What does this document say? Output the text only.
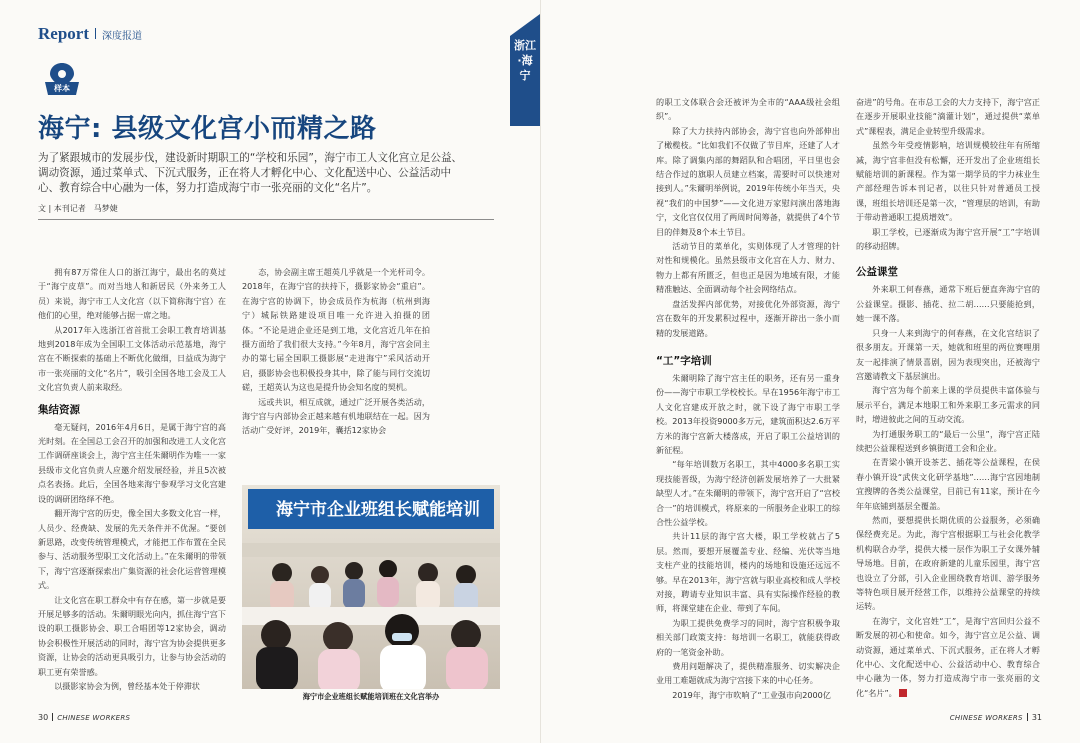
Report 深度报道
样本
海宁: 县级文化宫小而精之路

为了紧跟城市的发展步伐，建设新时期职工的“学校和乐园”，海宁市工人文化宫立足公益、调动资源，通过菜单式、下沉式服务，正在将人才孵化中心、文化配送中心、公益活动中心、教育综合中心融为一体，努力打造成海宁市一张亮丽的文化“名片”。

文 | 本刊记者　马梦婕

拥有87万常住人口的浙江海宁，最出名的莫过于“海宁皮草”。而对当地人和新居民（外来务工人员）来说，海宁市工人文化宫（以下简称海宁宫）在他们的心里，绝对能够占据一席之地。

从2017年入选浙江省首批工会职工教育培训基地到2018年成为全国职工文体活动示范基地，海宁宫在不断探索的基础上不断优化做细，日益成为海宁市一张亮丽的文化“名片”，吸引全国各地工会及工人文化宫负责人前来取经。

集结资源

毫无疑问，2016年4月6日，是属于海宁宫的高光时刻。在全国总工会召开的加强和改进工人文化宫工作调研座谈会上，海宁宫主任朱爾明作为唯一一家县级市文化宫负责人应邀介绍发展经验，并且5次被点名表扬。此后，全国各地来海宁参观学习文化宫建设的调研团络绎不绝。

翻开海宁宫的历史，像全国大多数文化宫一样，人员少、经费缺、发展的先天条件并不优渥。“要创新思路，改变传统管理模式，才能把工作布置在全民参与、活动服务型职工文化活动上。”在朱爾明的带领下，海宁宫逐渐探索出广集资源的社会化运营管理模式。

让文化宫在职工群众中有存在感，第一步就是要开展足够多的活动。朱爾明眼光向内，抓住海宁宫下设的职工摄影协会、职工合唱团等12家协会，调动协会积极性开展活动的同时，海宁宫为协会提供更多资源，让协会的活动更具吸引力，让参与协会活动的职工更有荣誉感。

以摄影家协会为例，曾经基本处于停滞状

态，协会副主席王超英几乎就是一个光杆司令。2018年，在海宁宫的扶持下，摄影家协会“重启”。在海宁宫的协调下，协会成员作为杭海（杭州到海宁）城际铁路建设项目唯一允许进入拍摄的团体。“不论是进企业还是到工地，文化宫近几年在拍摄方面给了我们很大支持。”今年8月，海宁宫会同主办的第七届全国职工摄影展“走进海宁”采风活动开启，摄影协会也积极投身其中，除了能与同行交流切磋，王超英认为这也是提升协会知名度的契机。

远或共识，相互成就，通过广泛开展各类活动，海宁宫与内部协会正越来越有机地联结在一起。因为活动广受好评，2019年，囊括12家协会

30 CHINESE WORKERS
海宁市企业班组长赋能培训
海宁市企业班组长赋能培训班在文化宫举办
浙江·海宁
CHINESE WORKERS 31

的职工文体联合会还被评为全市的“AAA级社会组织”。

除了大力扶持内部协会，海宁宫也向外部伸出了橄榄枝。“比如我们不仅做了节目库，还建了人才库。除了调集内部的舞蹈队和合唱团，平日里也会结合作过的旗职人员建立档案，需要时可以快速对接到人。”朱爾明举例说，2019年传统小年当天，央视“我们的中国梦”——文化进万家慰问演出落地海宁，文化宫仅仅用了两周时间筹备，就提供了4个节目的伴舞及8个本土节目。

活动节目的菜单化，实则体现了人才管理的针对性和规模化。虽然县级市文化宫在人力、财力、物力上都有所匮乏，但也正是因为地域有限，才能精准触达、全面调动每个社会网络结点。

盘活发挥内部优势，对接优化外部资源，海宁宫在数年的开发累积过程中，逐渐开辟出一条小而精的发展道路。

“工”字培训

朱爾明除了海宁宫主任的职务，还有另一重身份——海宁市职工学校校长。早在1956年海宁市工人文化宫建成开放之时，就下设了海宁市职工学校。2013年投资9000多万元，建筑面积达2.6万平方米的海宁宫新大楼落成，开启了职工公益培训的新征程。

“每年培训数万名职工，其中4000多名职工实现技能晋级，为海宁经济创新发展培养了一大批紧缺型人才。”在朱爾明的带领下，海宁宫开启了“宫校合一”的培训模式，将原来的一所服务企业职工的综合性公益学校。

共计11层的海宁宫大楼，职工学校就占了5层。然而，要想开展覆盖专业、经编、光伏等当地支柱产业的技能培训，楼内的场地和设施还远远不够。早在2013年，海宁宫就与职业高校和成人学校对接，聘请专业知识丰富、具有实际操作经验的教师，将课堂建在企业、带到了车间。

为职工提供免费学习的同时，海宁宫积极争取相关部门政策支持：每培训一名职工，就能获得政府的一笔资金补助。

费用问题解决了，提供精准服务、切实解决企业用工难题就成为海宁宫接下来的中心任务。

2019年，海宁市吹响了“工业强市向2000亿

奋进”的号角。在市总工会的大力支持下，海宁宫正在逐步开展职业技能“滴灌计划”，通过提供“菜单式”课程表，满足企业转型升级需求。

虽然今年受疫情影响，培训规模较往年有所缩减，海宁宫非但没有松懈，还开发出了企业班组长赋能培训的新课程。作为第一期学员的宇力袜业生产部经理告诉本刊记者，以往只针对普通员工授课，班组长培训还是第一次，“管理层的培训，有助于带动普通职工提质增效”。

职工学校，已逐渐成为海宁宫开展“工”字培训的移动招牌。

公益课堂

外来职工何春燕，通常下班后便直奔海宁宫的公益课堂。摄影、插花、拉二胡……只要能抢到，她一课不落。

只身一人来到海宁的何春燕，在文化宫结识了很多朋友。开课第一天，她就和班里的两位赛哩朋友一起排演了情景喜剧，因为表现突出，还被海宁宫邀请教文下基层演出。

海宁宫为每个前来上课的学员提供丰富体验与展示平台，满足本地职工和外来职工多元需求的同时，增进彼此之间的互动交流。

为打通服务职工的“最后一公里”，海宁宫正陆续把公益课程送到乡镇街道工会和企业。

在青梁小镇开设茶艺、插花等公益课程，在侯春小镇开设“武侠文化研学基地”……海宁宫因地制宜搜牌的各类公益课堂，目前已有11家，预计在今年年底铺到基层全覆盖。

然而，要想提供长期优质的公益服务，必须确保经费充足。为此，海宁宫根据职工与社会化教学机构联合办学，提供大楼一层作为职工子女课外辅导场地。目前，在政府新建的儿童乐园里，海宁宫也设立了分部，引入企业围绕教育培训、游学服务等特色项目展开经营工作，以维持公益课堂的持续运转。

在海宁，文化宫姓“工”，是海宁宫回归公益不断发展的初心和使命。如今，海宁宫立足公益、调动资源，通过菜单式、下沉式服务，正在将人才孵化中心、文化配送中心、公益活动中心、教育综合中心融为一体，努力打造成海宁市一张亮丽的文化“名片”。
